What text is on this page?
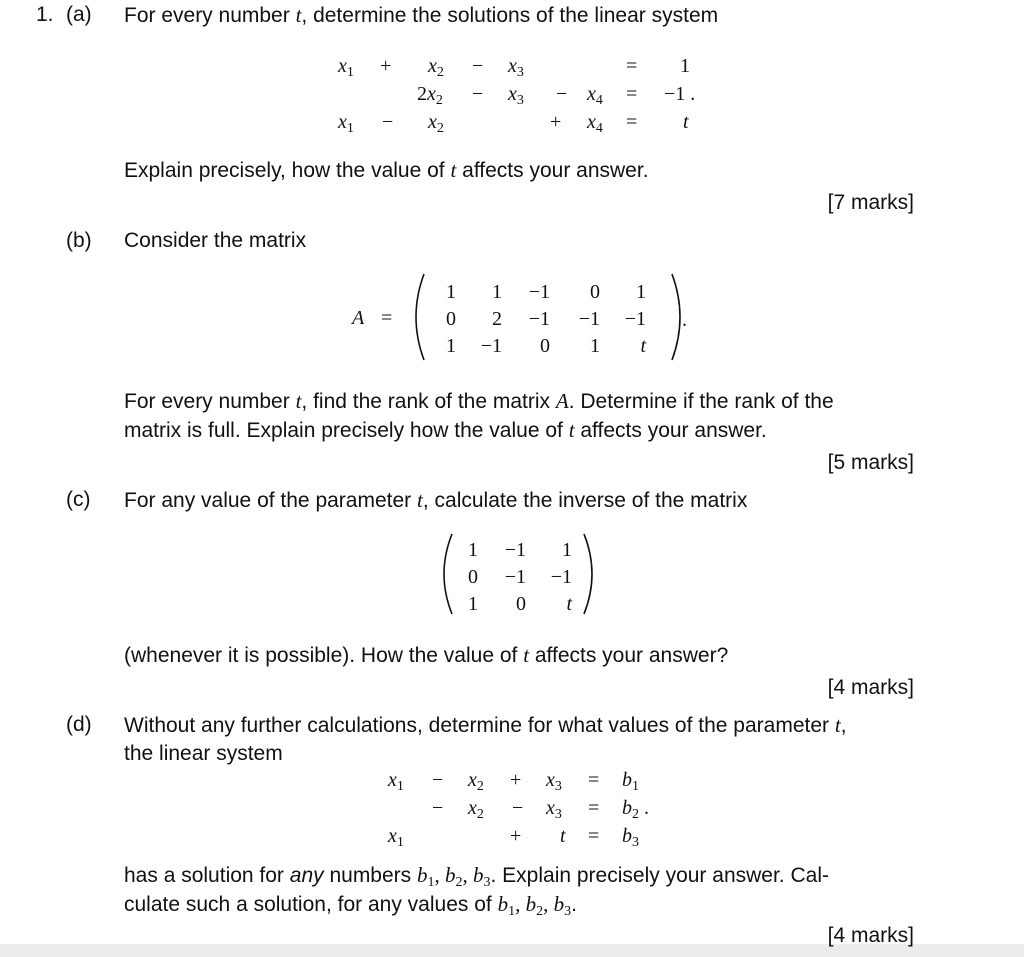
1. (a) For every number t, determine the solutions of the linear system
$x_1 + x_2 - x_3$	= 1
$2x_2 - x_3 - x_4 = -1$ .
$x_1 - x_2$	+ $x_4 = t$
Explain precisely, how the value of t affects your answer.
[7 marks]
(b) Consider the matrix
A =
1	1	−1	0	1
0	2	−1	−1	−1
1 −1	0	1	t
.
For every number t, find the rank of the matrix A. Determine if the rank of the
matrix is full. Explain precisely how the value of t affects your answer.
[5 marks]
(c) For any value of the parameter t, calculate the inverse of the matrix
1	−1	1
0	−1	−1
1	0	t
(whenever it is possible). How the value of t affects your answer?
[4 marks]
(d) Without any further calculations, determine for what values of the parameter t,
the linear system
$x_1 - x_2 + x_3 = b_1$
− $x_2 - x_3 = b_2$ .
$x_1$	+ $t = b_3$
has a solution for any numbers $b_1$, $b_2$, $b_3$. Explain precisely your answer. Cal-
culate such a solution, for any values of $b_1$, $b_2$, $b_3$.
[4 marks]
